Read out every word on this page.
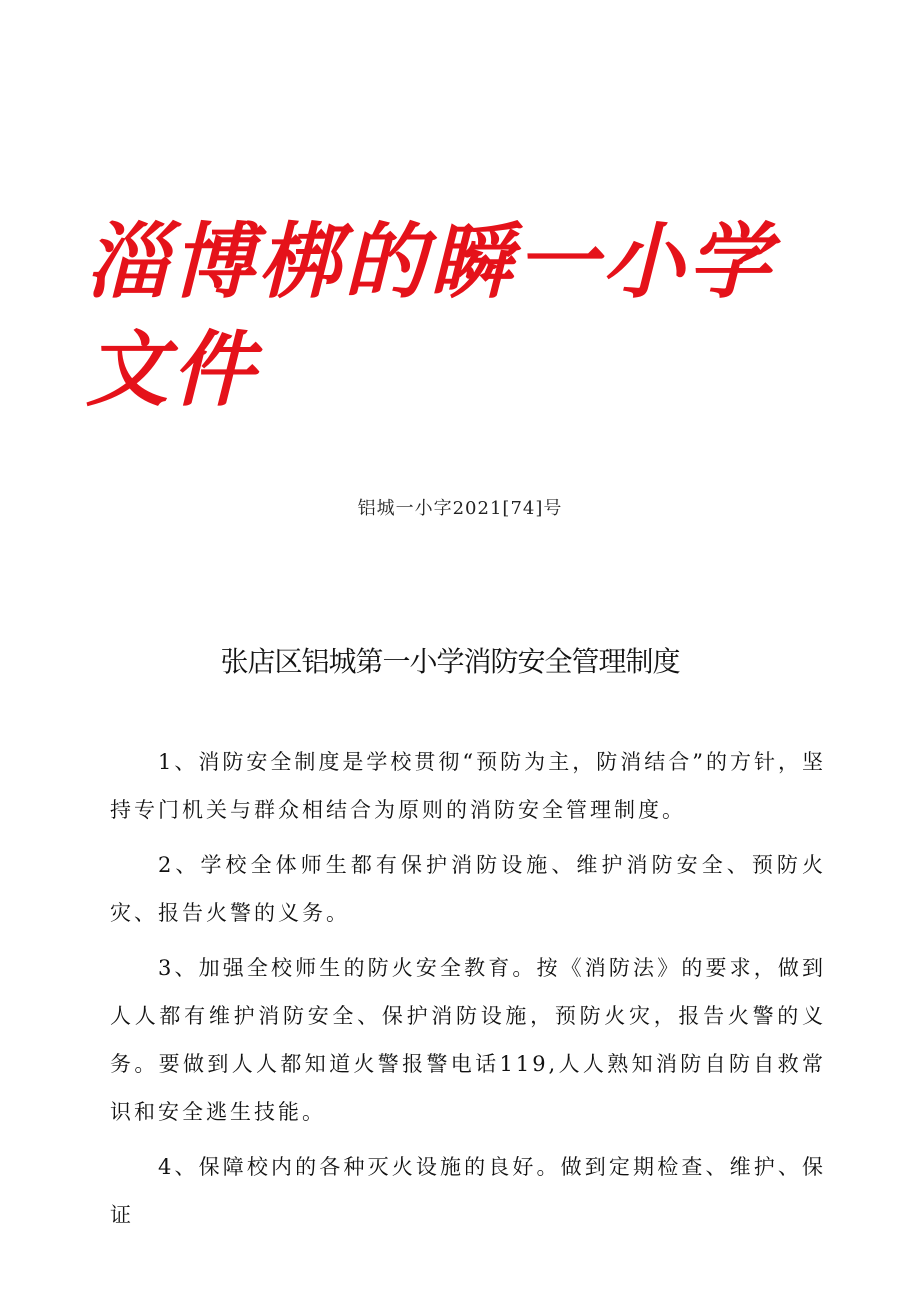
淄博梆的瞬一小学文件

铝城一小字2021[74]号

张店区铝城第一小学消防安全管理制度

1、消防安全制度是学校贯彻“预防为主，防消结合”的方针，坚持专门机关与群众相结合为原则的消防安全管理制度。

2、学校全体师生都有保护消防设施、维护消防安全、预防火灾、报告火警的义务。

3、加强全校师生的防火安全教育。按《消防法》的要求，做到人人都有维护消防安全、保护消防设施，预防火灾，报告火警的义务。要做到人人都知道火警报警电话119,人人熟知消防自防自救常识和安全逃生技能。

4、保障校内的各种灭火设施的良好。做到定期检查、维护、保证
